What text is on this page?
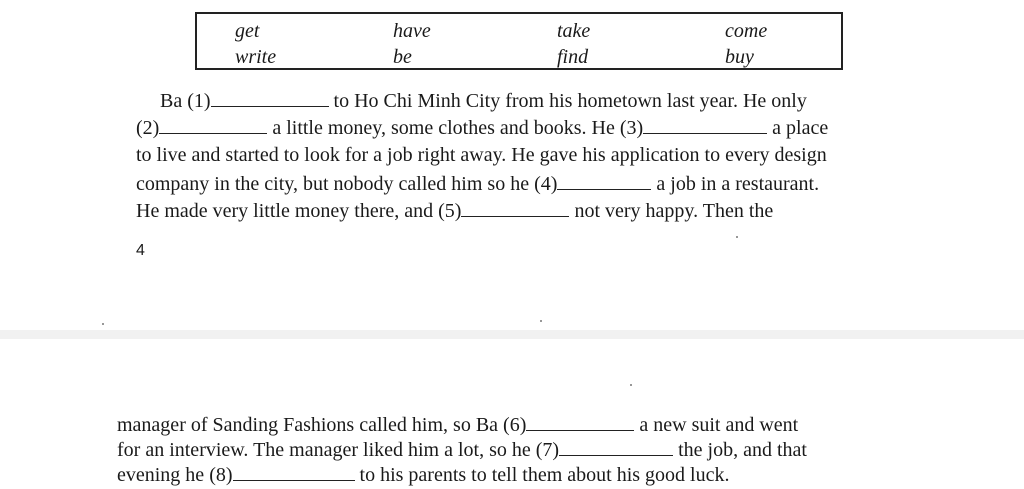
get	have	take	come
write	be	find	buy
Ba (1)	to Ho Chi Minh City from his hometown last year. He only
(2)	a little money, some clothes and books. He (3)	a place
to live and started to look for a job right away. He gave his application to every design
company in the city, but nobody called him so he (4)	a job in a restaurant.
He made very little money there, and (5)	not very happy. Then the
4
manager of Sanding Fashions called him, so Ba (6)	a new suit and went
for an interview. The manager liked him a lot, so he (7)	the job, and that
evening he (8)	to his parents to tell them about his good luck.
